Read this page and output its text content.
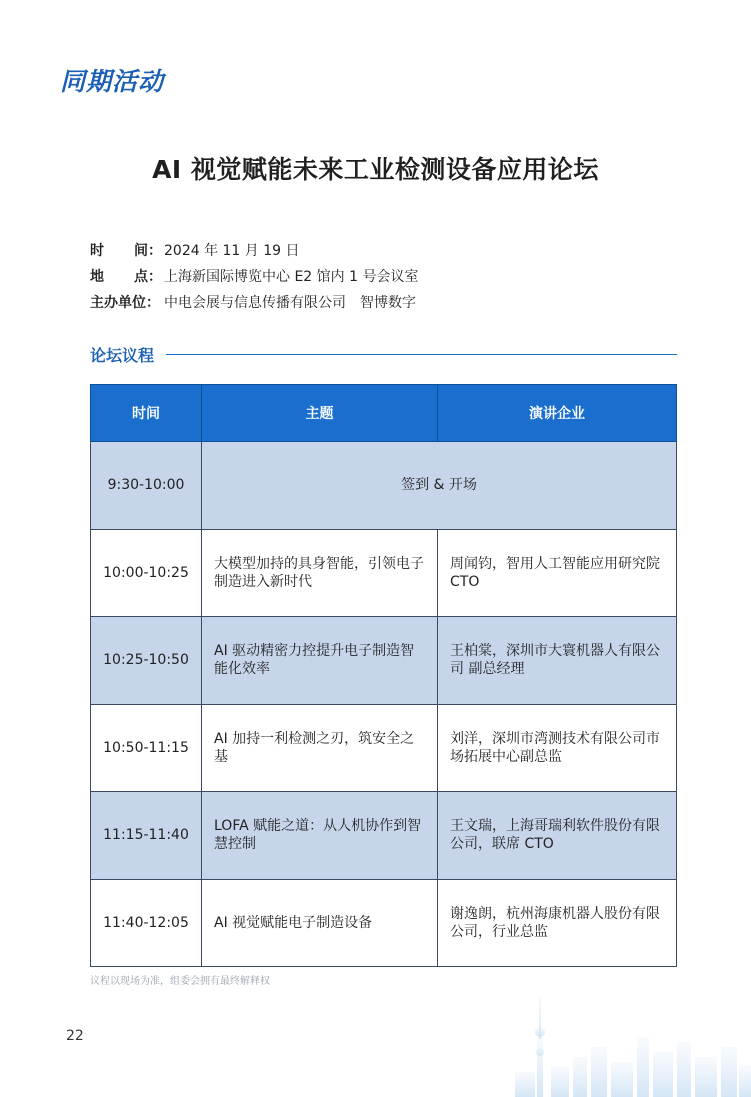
同期活动
AI 视觉赋能未来工业检测设备应用论坛
时 间： 2024 年 11 月 19 日
地 点： 上海新国际博览中心 E2 馆内 1 号会议室
主办单位： 中电会展与信息传播有限公司　智博数字
论坛议程
时间	主题	演讲企业
9:30-10:00	签到 & 开场	
10:00-10:25	大模型加持的具身智能，引领电子制造进入新时代	周闻钧，智用人工智能应用研究院 CTO
10:25-10:50	AI 驱动精密力控提升电子制造智能化效率	王柏棠，深圳市大寰机器人有限公司 副总经理
10:50-11:15	AI 加持一利检测之刃，筑安全之基	刘洋，深圳市湾测技术有限公司市场拓展中心副总监
11:15-11:40	LOFA 赋能之道：从人机协作到智慧控制	王文瑞，上海哥瑞利软件股份有限公司，联席 CTO
11:40-12:05	AI 视觉赋能电子制造设备	谢逸朗，杭州海康机器人股份有限公司，行业总监
议程以现场为准，组委会拥有最终解释权
22
